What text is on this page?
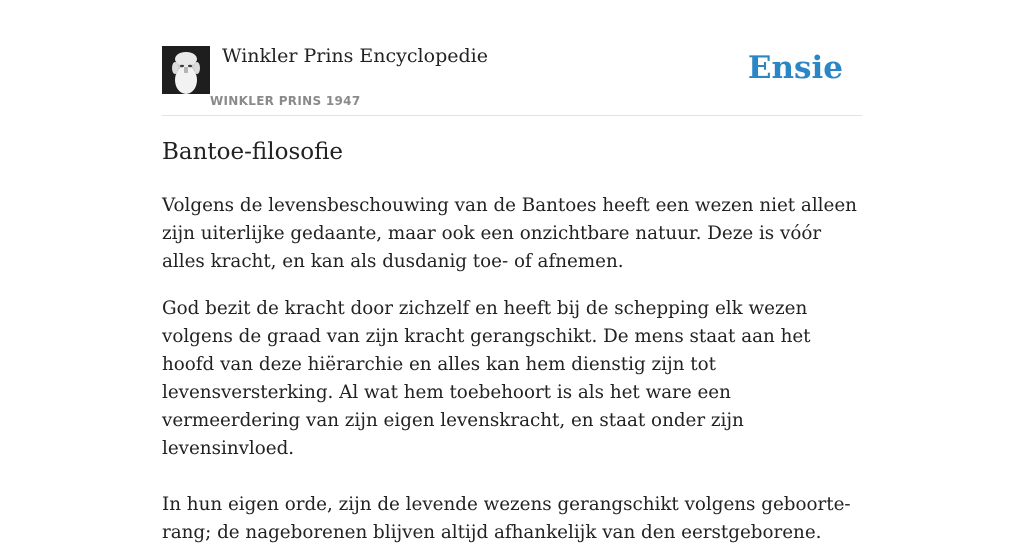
Winkler Prins Encyclopedie
WINKLER PRINS 1947
Ensie
Bantoe-filosofie

Volgens de levensbeschouwing van de Bantoes heeft een wezen niet alleen zijn uiterlijke gedaante, maar ook een onzichtbare natuur. Deze is vóór alles kracht, en kan als dusdanig toe- of afnemen.

God bezit de kracht door zichzelf en heeft bij de schepping elk wezen volgens de graad van zijn kracht gerangschikt. De mens staat aan het hoofd van deze hiërarchie en alles kan hem dienstig zijn tot levensversterking. Al wat hem toebehoort is als het ware een vermeerdering van zijn eigen levenskracht, en staat onder zijn levensinvloed.

In hun eigen orde, zijn de levende wezens gerangschikt volgens geboorte-rang; de nageborenen blijven altijd afhankelijk van den eerstgeborene.
